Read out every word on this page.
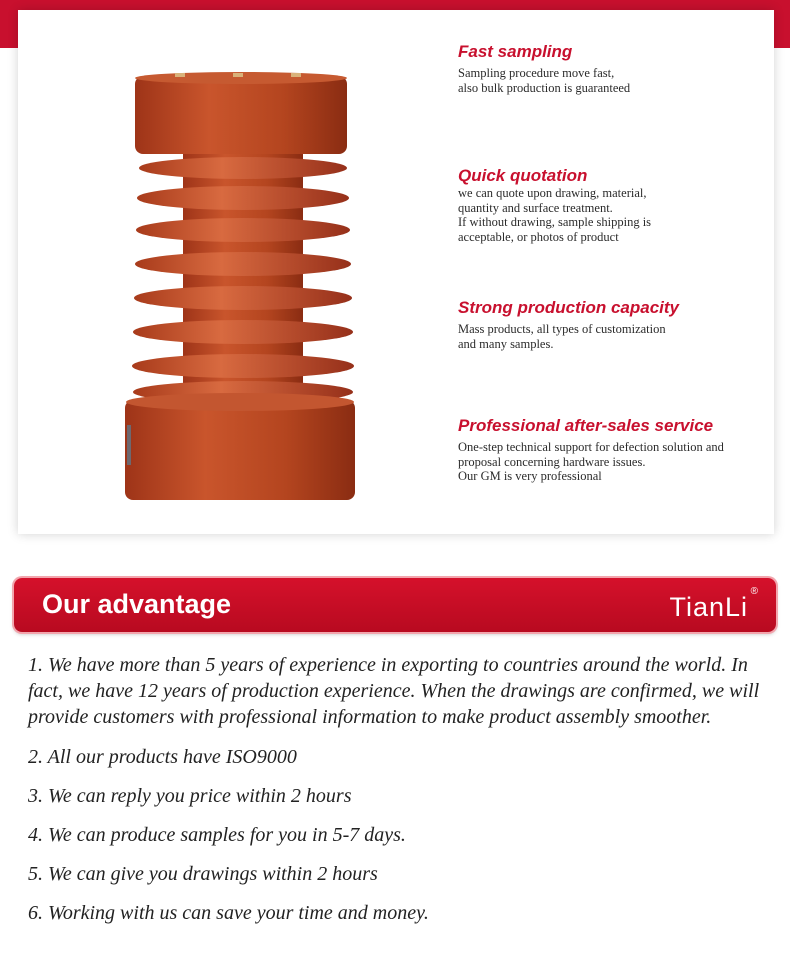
Fast sampling
Sampling procedure move fast,
also bulk production is guaranteed
Quick quotation
we can quote upon drawing, material,
quantity and surface treatment.
If without drawing, sample shipping is
acceptable, or photos of product
Strong production capacity
Mass products, all types of customization
and many samples.
Professional after-sales service
One-step technical support for defection solution and
proposal concerning hardware issues.
Our GM is very professional
Our advantage	TianLi
®

1. We have more than 5 years of experience in exporting to countries around the world. In fact, we have 12 years of production experience. When the drawings are confirmed, we will provide customers with professional information to make product assembly smoother.

2. All our products have ISO9000

3. We can reply you price within 2 hours

4. We can produce samples for you in 5-7 days.

5. We can give you drawings within 2 hours

6. Working with us can save your time and money.
